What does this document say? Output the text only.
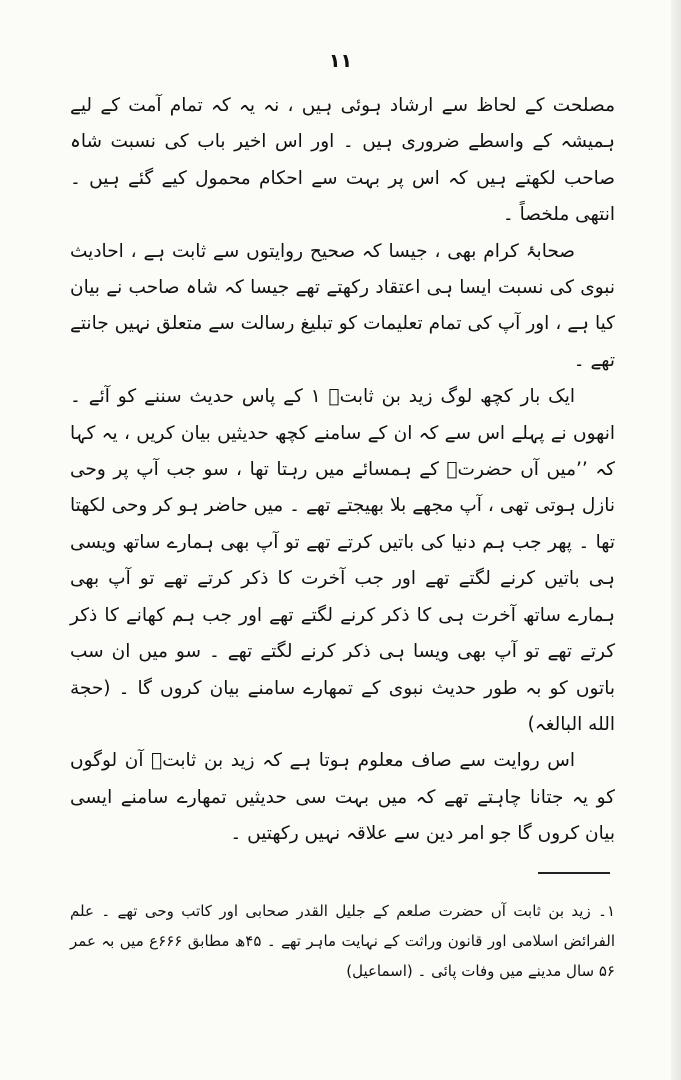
۱۱

مصلحت کے لحاظ سے ارشاد ہوئی ہیں ، نہ یہ کہ تمام آمت کے لیے ہمیشہ کے واسطے ضروری ہیں ۔ اور اس اخیر باب کی نسبت شاہ صاحب لکھتے ہیں کہ اس پر بہت سے احکام محمول کیے گئے ہیں ۔ انتھی ملخصاً ۔

صحابۂ کرام بھی ، جیسا کہ صحیح روایتوں سے ثابت ہے ، احادیث نبوی کی نسبت ایسا ہی اعتقاد رکھتے تھے جیسا کہ شاہ صاحب نے بیان کیا ہے ، اور آپ کی تمام تعلیمات کو تبلیغ رسالت سے متعلق نہیں جانتے تھے ۔

ایک بار کچھ لوگ زید بن ثابتؓ ۱ کے پاس حدیث سننے کو آئے ۔ انھوں نے پہلے اس سے کہ ان کے سامنے کچھ حدیثیں بیان کریں ، یہ کہا کہ ’’میں آں حضرتؐ کے ہمسائے میں رہتا تھا ، سو جب آپ پر وحی نازل ہوتی تھی ، آپ مجھے بلا بھیجتے تھے ۔ میں حاضر ہو کر وحی لکھتا تھا ۔ پھر جب ہم دنیا کی باتیں کرتے تھے تو آپ بھی ہمارے ساتھ ویسی ہی باتیں کرنے لگتے تھے اور جب آخرت کا ذکر کرتے تھے تو آپ بھی ہمارے ساتھ آخرت ہی کا ذکر کرنے لگتے تھے اور جب ہم کھانے کا ذکر کرتے تھے تو آپ بھی ویسا ہی ذکر کرنے لگتے تھے ۔ سو میں ان سب باتوں کو بہ طور حدیث نبوی کے تمھارے سامنے بیان کروں گا ۔ (حجة الله البالغہ)

اس روایت سے صاف معلوم ہوتا ہے کہ زید بن ثابتؓ آن لوگوں کو یہ جتانا چاہتے تھے کہ میں بہت سی حدیثیں تمھارے سامنے ایسی بیان کروں گا جو امر دین سے علاقہ نہیں رکھتیں ۔

۱۔ زید بن ثابت آں حضرت صلعم کے جلیل القدر صحابی اور کاتب وحی تھے ۔ علم الفرائض اسلامی اور قانون وراثت کے نہایت ماہر تھے ۔ ۴۵ھ مطابق ۶۶۶ع میں بہ عمر ۵۶ سال مدینے میں وفات پائی ۔ (اسماعیل)
